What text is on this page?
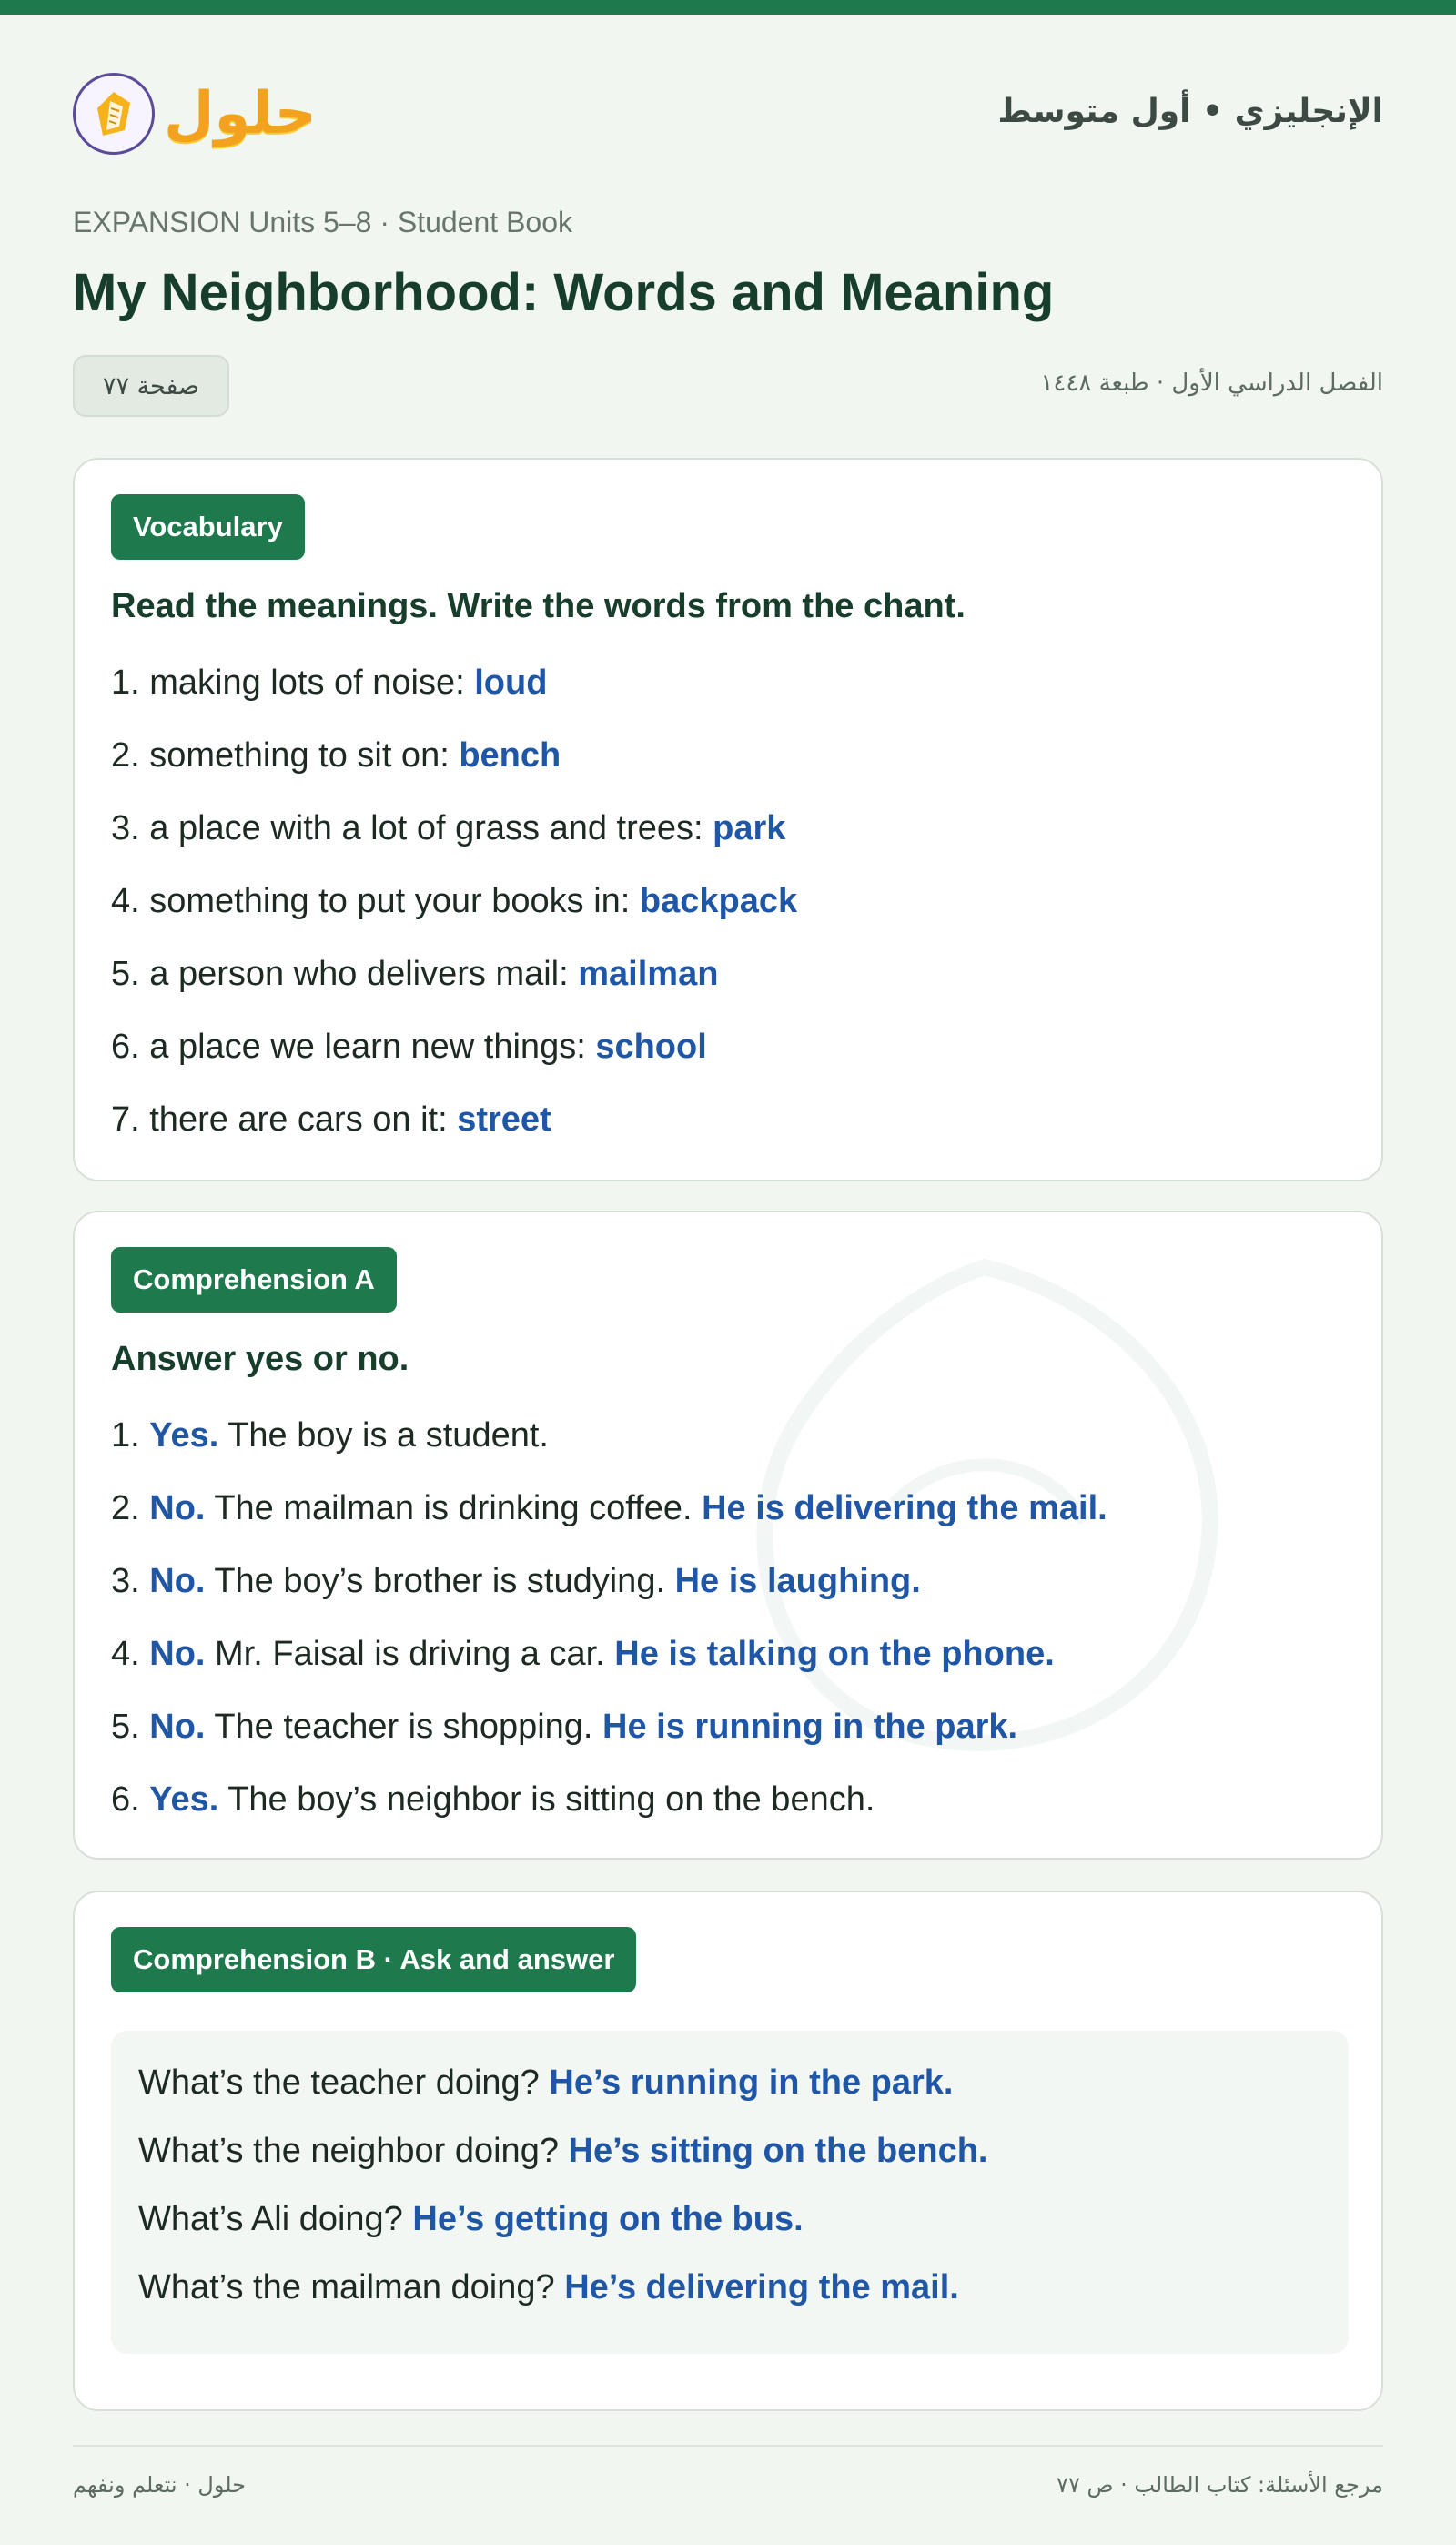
حلول	الإنجليزي • أول متوسط
EXPANSION Units 5–8 · Student Book
My Neighborhood: Words and Meaning
صفحة ٧٧	الفصل الدراسي الأول · طبعة ١٤٤٨
Vocabulary
Read the meanings. Write the words from the chant.
1. making lots of noise: loud
2. something to sit on: bench
3. a place with a lot of grass and trees: park
4. something to put your books in: backpack
5. a person who delivers mail: mailman
6. a place we learn new things: school
7. there are cars on it: street
Comprehension A
Answer yes or no.
1. Yes. The boy is a student.
2. No. The mailman is drinking coffee. He is delivering the mail.
3. No. The boy’s brother is studying. He is laughing.
4. No. Mr. Faisal is driving a car. He is talking on the phone.
5. No. The teacher is shopping. He is running in the park.
6. Yes. The boy’s neighbor is sitting on the bench.
Comprehension B · Ask and answer
What’s the teacher doing? He’s running in the park.
What’s the neighbor doing? He’s sitting on the bench.
What’s Ali doing? He’s getting on the bus.
What’s the mailman doing? He’s delivering the mail.
حلول · نتعلم ونفهم	مرجع الأسئلة: كتاب الطالب · ص ٧٧
